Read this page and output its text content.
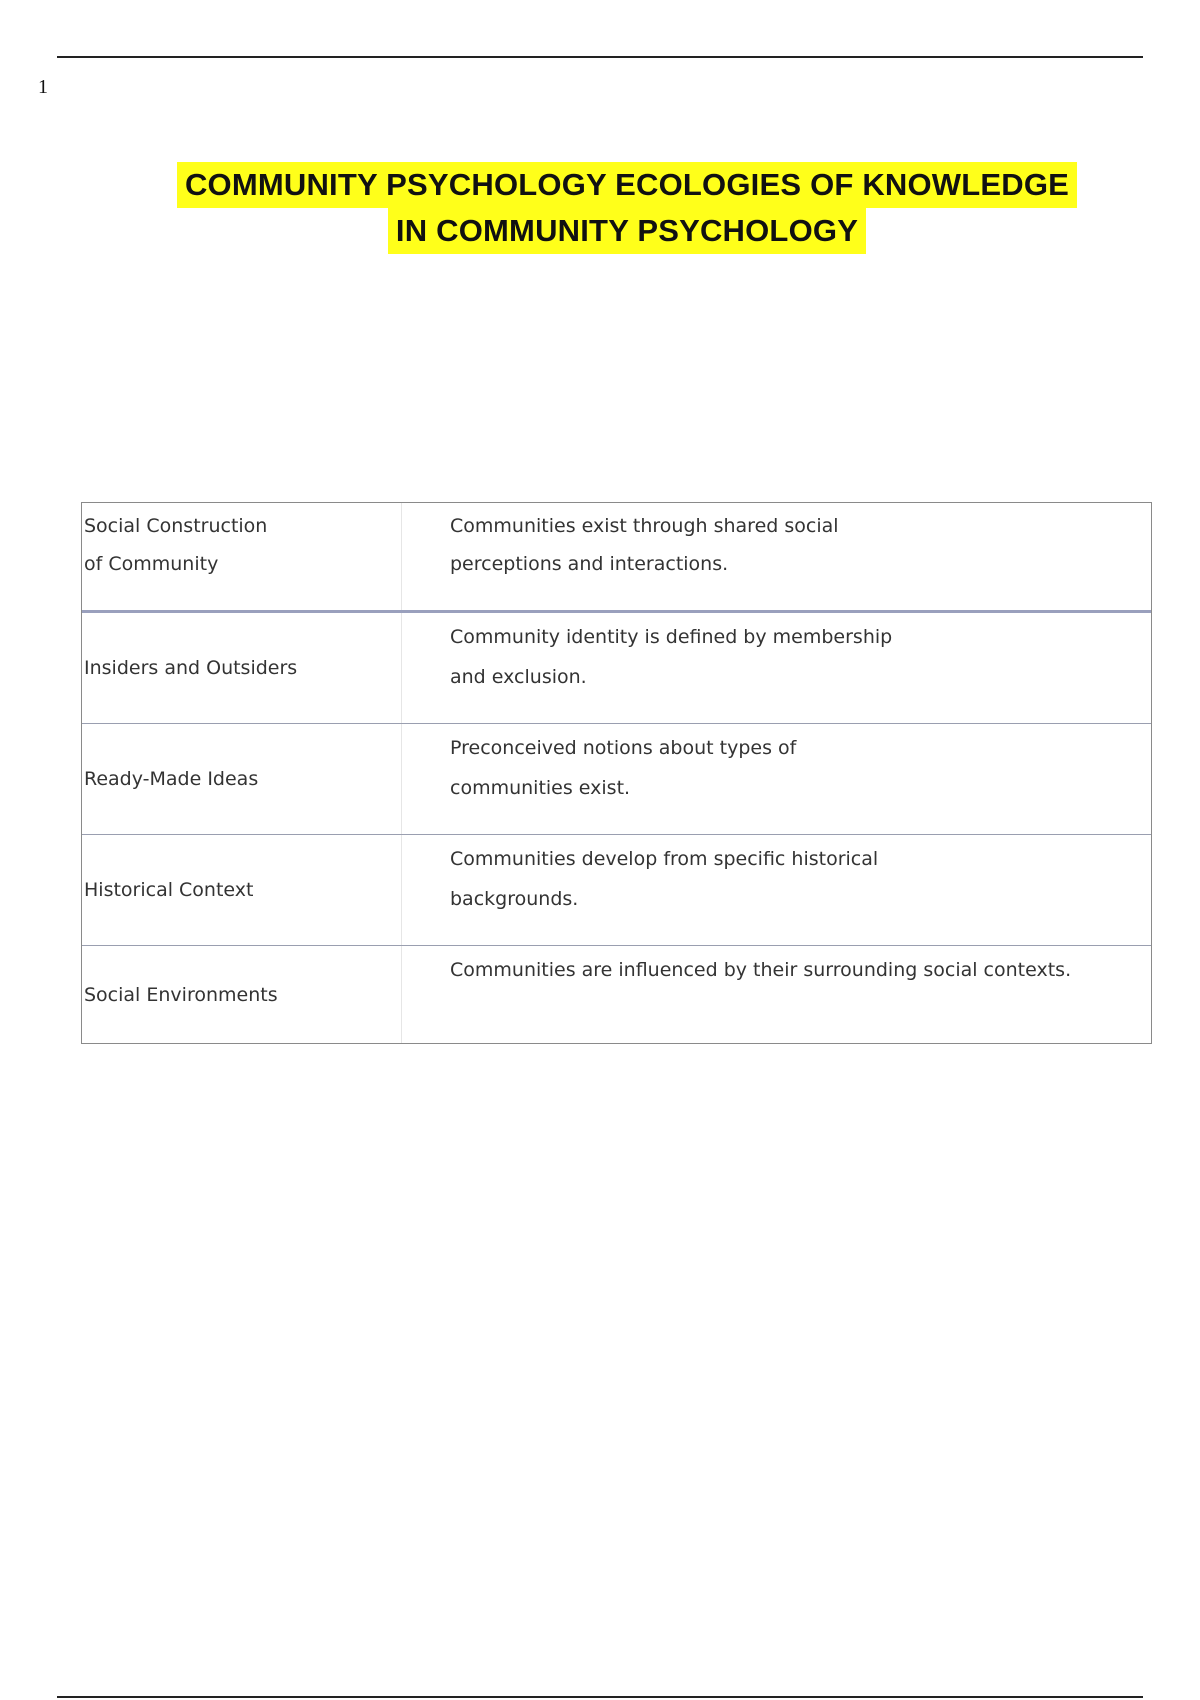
1
COMMUNITY PSYCHOLOGY ECOLOGIES OF KNOWLEDGE
IN COMMUNITY PSYCHOLOGY
Social Construction of Community
Communities exist through shared social perceptions and interactions.
Insiders and Outsiders
Community identity is defined by membership and exclusion.
Ready-Made Ideas
Preconceived notions about types of communities exist.
Historical Context
Communities develop from specific historical backgrounds.
Social Environments
Communities are influenced by their surrounding social contexts.
